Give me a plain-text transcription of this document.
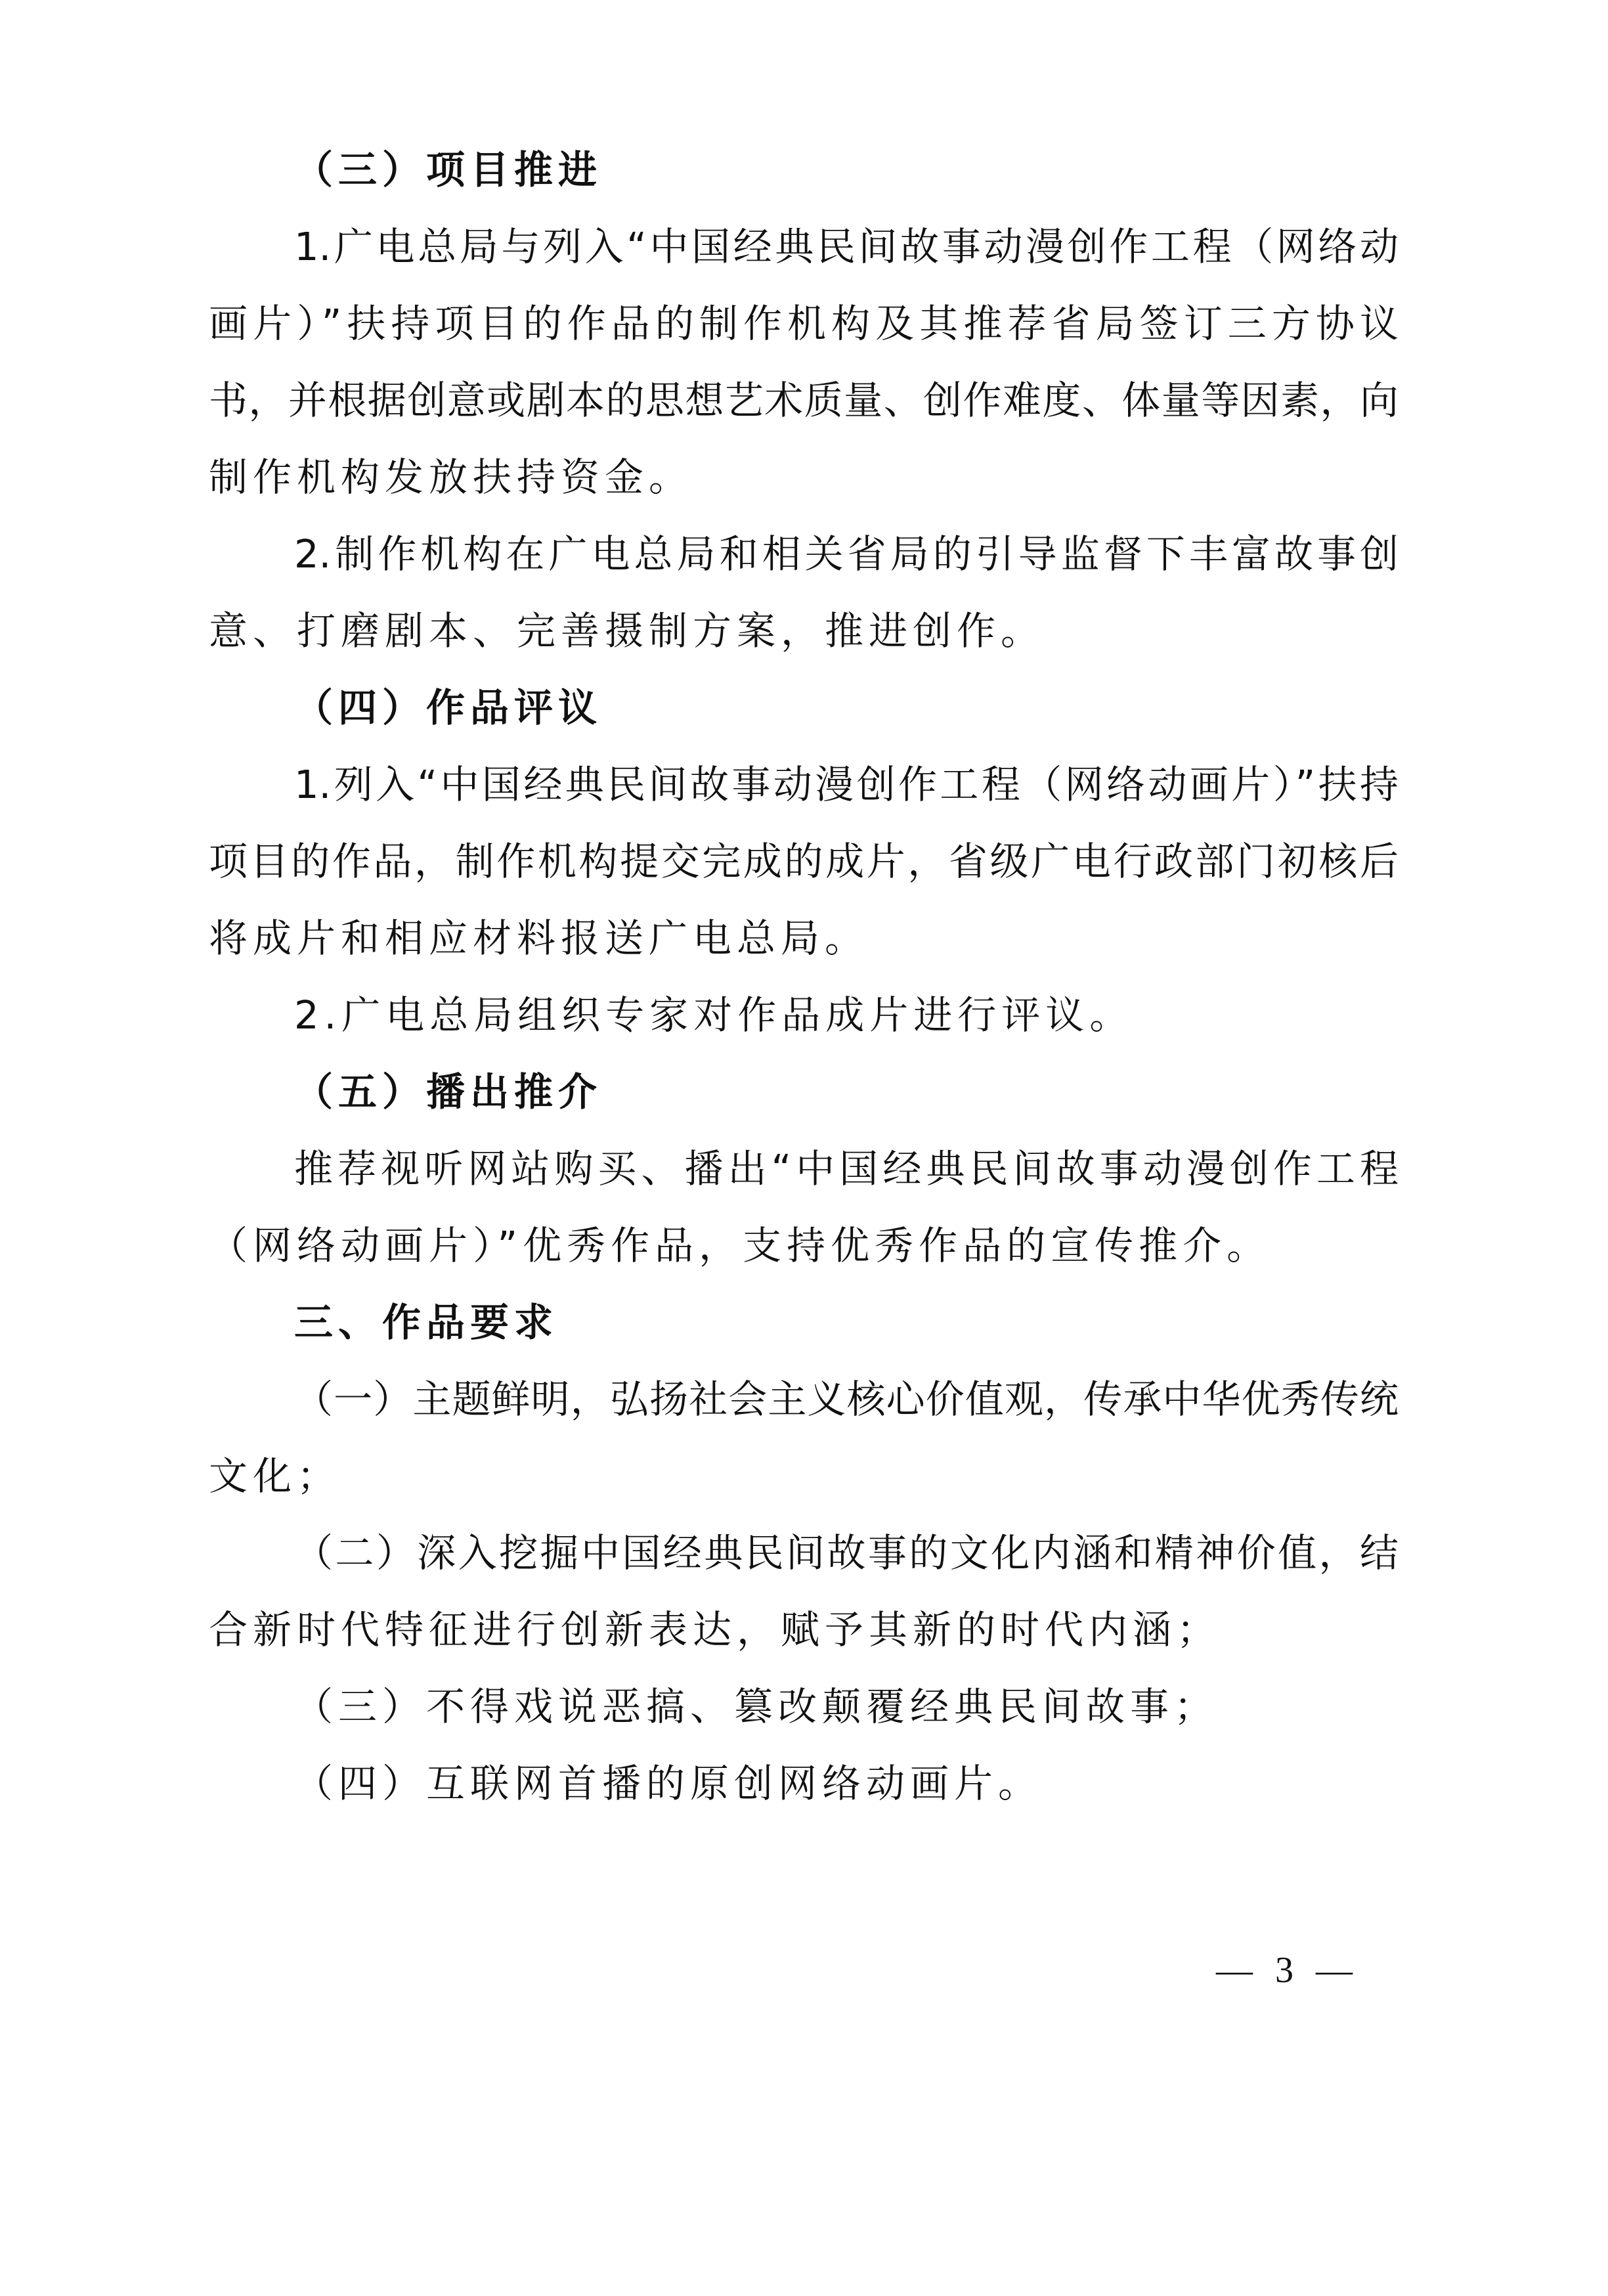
（三）项目推进
1.广电总局与列入“中国经典民间故事动漫创作工程（网络动
画片）”扶持项目的作品的制作机构及其推荐省局签订三方协议
书，并根据创意或剧本的思想艺术质量、创作难度、体量等因素，向
制作机构发放扶持资金。
2.制作机构在广电总局和相关省局的引导监督下丰富故事创
意、打磨剧本、完善摄制方案，推进创作。
（四）作品评议
1.列入“中国经典民间故事动漫创作工程（网络动画片）”扶持
项目的作品，制作机构提交完成的成片，省级广电行政部门初核后
将成片和相应材料报送广电总局。
2.广电总局组织专家对作品成片进行评议。
（五）播出推介
推荐视听网站购买、播出“中国经典民间故事动漫创作工程
（网络动画片）”优秀作品，支持优秀作品的宣传推介。
三、作品要求
（一）主题鲜明，弘扬社会主义核心价值观，传承中华优秀传统
文化；
（二）深入挖掘中国经典民间故事的文化内涵和精神价值，结
合新时代特征进行创新表达，赋予其新的时代内涵；
（三）不得戏说恶搞、篡改颠覆经典民间故事；
（四）互联网首播的原创网络动画片。
— 3 —
